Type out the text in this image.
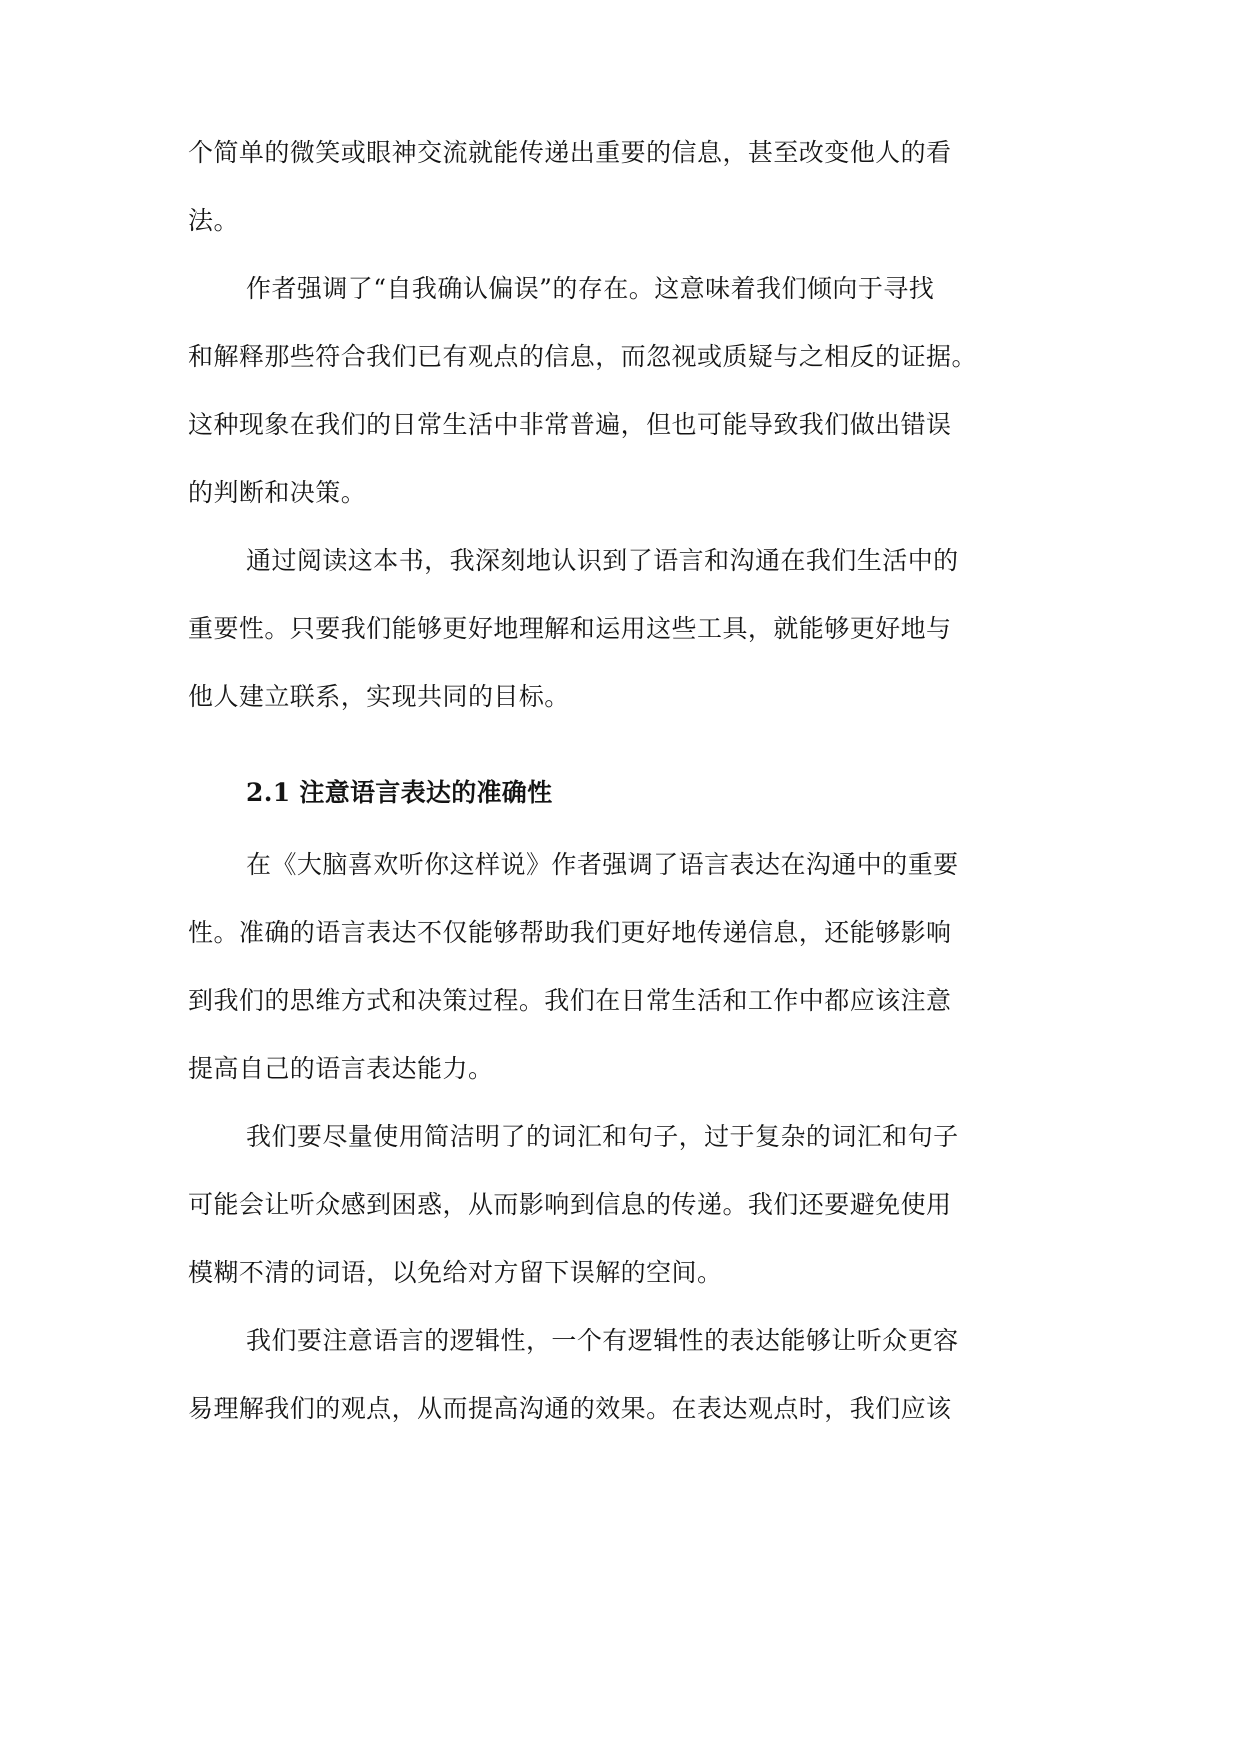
个简单的微笑或眼神交流就能传递出重要的信息，甚至改变他人的看
法。
作者强调了“自我确认偏误”的存在。这意味着我们倾向于寻找
和解释那些符合我们已有观点的信息，而忽视或质疑与之相反的证据。
这种现象在我们的日常生活中非常普遍，但也可能导致我们做出错误
的判断和决策。
通过阅读这本书，我深刻地认识到了语言和沟通在我们生活中的
重要性。只要我们能够更好地理解和运用这些工具，就能够更好地与
他人建立联系，实现共同的目标。
2.1 注意语言表达的准确性
在《大脑喜欢听你这样说》作者强调了语言表达在沟通中的重要
性。准确的语言表达不仅能够帮助我们更好地传递信息，还能够影响
到我们的思维方式和决策过程。我们在日常生活和工作中都应该注意
提高自己的语言表达能力。
我们要尽量使用简洁明了的词汇和句子，过于复杂的词汇和句子
可能会让听众感到困惑，从而影响到信息的传递。我们还要避免使用
模糊不清的词语，以免给对方留下误解的空间。
我们要注意语言的逻辑性，一个有逻辑性的表达能够让听众更容
易理解我们的观点，从而提高沟通的效果。在表达观点时，我们应该
